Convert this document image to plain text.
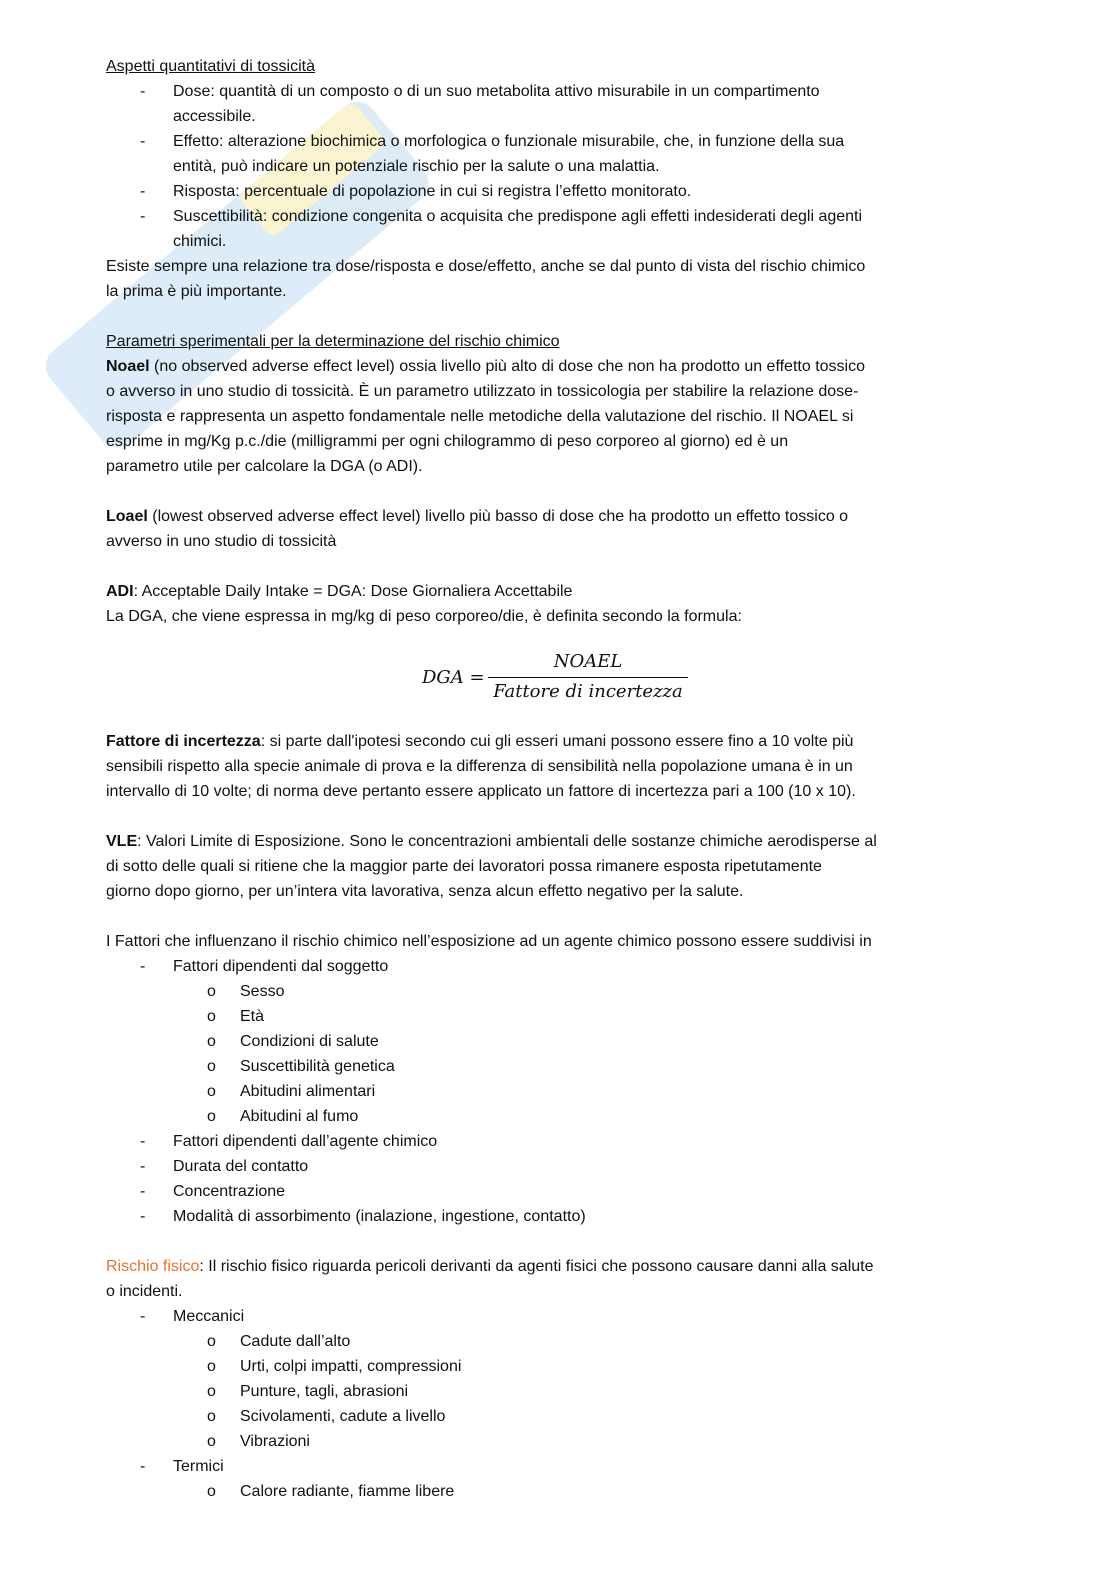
Aspetti quantitativi di tossicità
- Dose: quantità di un composto o di un suo metabolita attivo misurabile in un compartimento
accessibile.
- Effetto: alterazione biochimica o morfologica o funzionale misurabile, che, in funzione della sua
entità, può indicare un potenziale rischio per la salute o una malattia.
- Risposta: percentuale di popolazione in cui si registra l’effetto monitorato.
- Suscettibilità: condizione congenita o acquisita che predispone agli effetti indesiderati degli agenti
chimici.
Esiste sempre una relazione tra dose/risposta e dose/effetto, anche se dal punto di vista del rischio chimico
la prima è più importante.
Parametri sperimentali per la determinazione del rischio chimico
Noael (no observed adverse effect level) ossia livello più alto di dose che non ha prodotto un effetto tossico
o avverso in uno studio di tossicità. È un parametro utilizzato in tossicologia per stabilire la relazione dose-
risposta e rappresenta un aspetto fondamentale nelle metodiche della valutazione del rischio. Il NOAEL si
esprime in mg/Kg p.c./die (milligrammi per ogni chilogrammo di peso corporeo al giorno) ed è un
parametro utile per calcolare la DGA (o ADI).
Loael (lowest observed adverse effect level) livello più basso di dose che ha prodotto un effetto tossico o
avverso in uno studio di tossicità
ADI: Acceptable Daily Intake = DGA: Dose Giornaliera Accettabile
La DGA, che viene espressa in mg/kg di peso corporeo/die, è definita secondo la formula:
DGA =
NOAEL
Fattore di incertezza
Fattore di incertezza: si parte dall'ipotesi secondo cui gli esseri umani possono essere fino a 10 volte più
sensibili rispetto alla specie animale di prova e la differenza di sensibilità nella popolazione umana è in un
intervallo di 10 volte; di norma deve pertanto essere applicato un fattore di incertezza pari a 100 (10 x 10).
VLE: Valori Limite di Esposizione. Sono le concentrazioni ambientali delle sostanze chimiche aerodisperse al
di sotto delle quali si ritiene che la maggior parte dei lavoratori possa rimanere esposta ripetutamente
giorno dopo giorno, per un’intera vita lavorativa, senza alcun effetto negativo per la salute.
I Fattori che influenzano il rischio chimico nell’esposizione ad un agente chimico possono essere suddivisi in
- Fattori dipendenti dal soggetto
o Sesso
o Età
o Condizioni di salute
o Suscettibilità genetica
o Abitudini alimentari
o Abitudini al fumo
- Fattori dipendenti dall’agente chimico
- Durata del contatto
- Concentrazione
- Modalità di assorbimento (inalazione, ingestione, contatto)
Rischio fisico: Il rischio fisico riguarda pericoli derivanti da agenti fisici che possono causare danni alla salute
o incidenti.
- Meccanici
o Cadute dall’alto
o Urti, colpi impatti, compressioni
o Punture, tagli, abrasioni
o Scivolamenti, cadute a livello
o Vibrazioni
- Termici
o Calore radiante, fiamme libere
